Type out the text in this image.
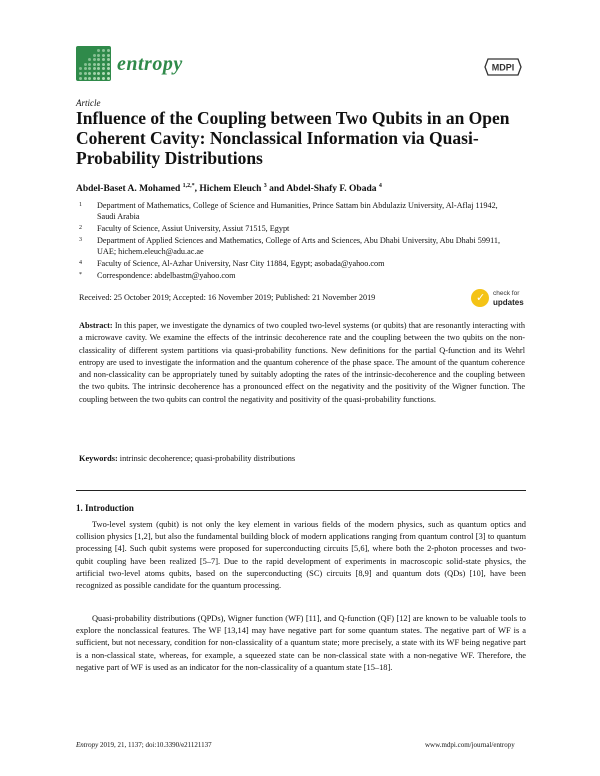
entropy	MDPI
Article
Influence of the Coupling between Two Qubits in an Open Coherent Cavity: Nonclassical Information via Quasi-Probability Distributions
Abdel-Baset A. Mohamed $^{1,2,*}$, Hichem Eleuch $^3$ and Abdel-Shafy F. Obada $^4$
1 Department of Mathematics, College of Science and Humanities, Prince Sattam bin Abdulaziz University, Al-Aflaj 11942, Saudi Arabia
2 Faculty of Science, Assiut University, Assiut 71515, Egypt
3 Department of Applied Sciences and Mathematics, College of Arts and Sciences, Abu Dhabi University, Abu Dhabi 59911, UAE; hichem.eleuch@adu.ac.ae
4 Faculty of Science, Al-Azhar University, Nasr City 11884, Egypt; asobada@yahoo.com
* Correspondence: abdelbastm@yahoo.com
Received: 25 October 2019; Accepted: 16 November 2019; Published: 21 November 2019	✓ check for
updates
Abstract: In this paper, we investigate the dynamics of two coupled two-level systems (or qubits) that are resonantly interacting with a microwave cavity. We examine the effects of the intrinsic decoherence rate and the coupling between the two qubits on the non-classicality of different system partitions via quasi-probability functions. New definitions for the partial Q-function and its Wehrl entropy are used to investigate the information and the quantum coherence of the phase space. The amount of the quantum coherence and non-classicality can be appropriately tuned by suitably adopting the rates of the intrinsic-decoherence and the coupling between the two qubits. The intrinsic decoherence has a pronounced effect on the negativity and the positivity of the Wigner function. The coupling between the two qubits can control the negativity and positivity of the quasi-probability functions.
Keywords: intrinsic decoherence; quasi-probability distributions
1. Introduction
Two-level system (qubit) is not only the key element in various fields of the modern physics, such as quantum optics and collision physics [1,2], but also the fundamental building block of modern applications ranging from quantum control [3] to quantum processing [4]. Such qubit systems were proposed for superconducting circuits [5,6], where both the 2-photon processes and two-qubit coupling have been realized [5–7]. Due to the rapid development of experiments in macroscopic solid-state physics, the artificial two-level atoms qubits, based on the superconducting (SC) circuits [8,9] and quantum dots (QDs) [10], have been recognized as possible candidate for the quantum processing.
Quasi-probability distributions (QPDs), Wigner function (WF) [11], and Q-function (QF) [12] are known to be valuable tools to explore the nonclassical features. The WF [13,14] may have negative part for some quantum states. The negative part of WF is a sufficient, but not necessary, condition for non-classicality of a quantum state; more precisely, a state with its WF being negative part is a non-classical state, whereas, for example, a squeezed state can be non-classical state with a non-negative WF. Therefore, the negative part of WF is used as an indicator for the non-classicality of a quantum state [15–18].
Entropy 2019, 21, 1137; doi:10.3390/e21121137	www.mdpi.com/journal/entropy
